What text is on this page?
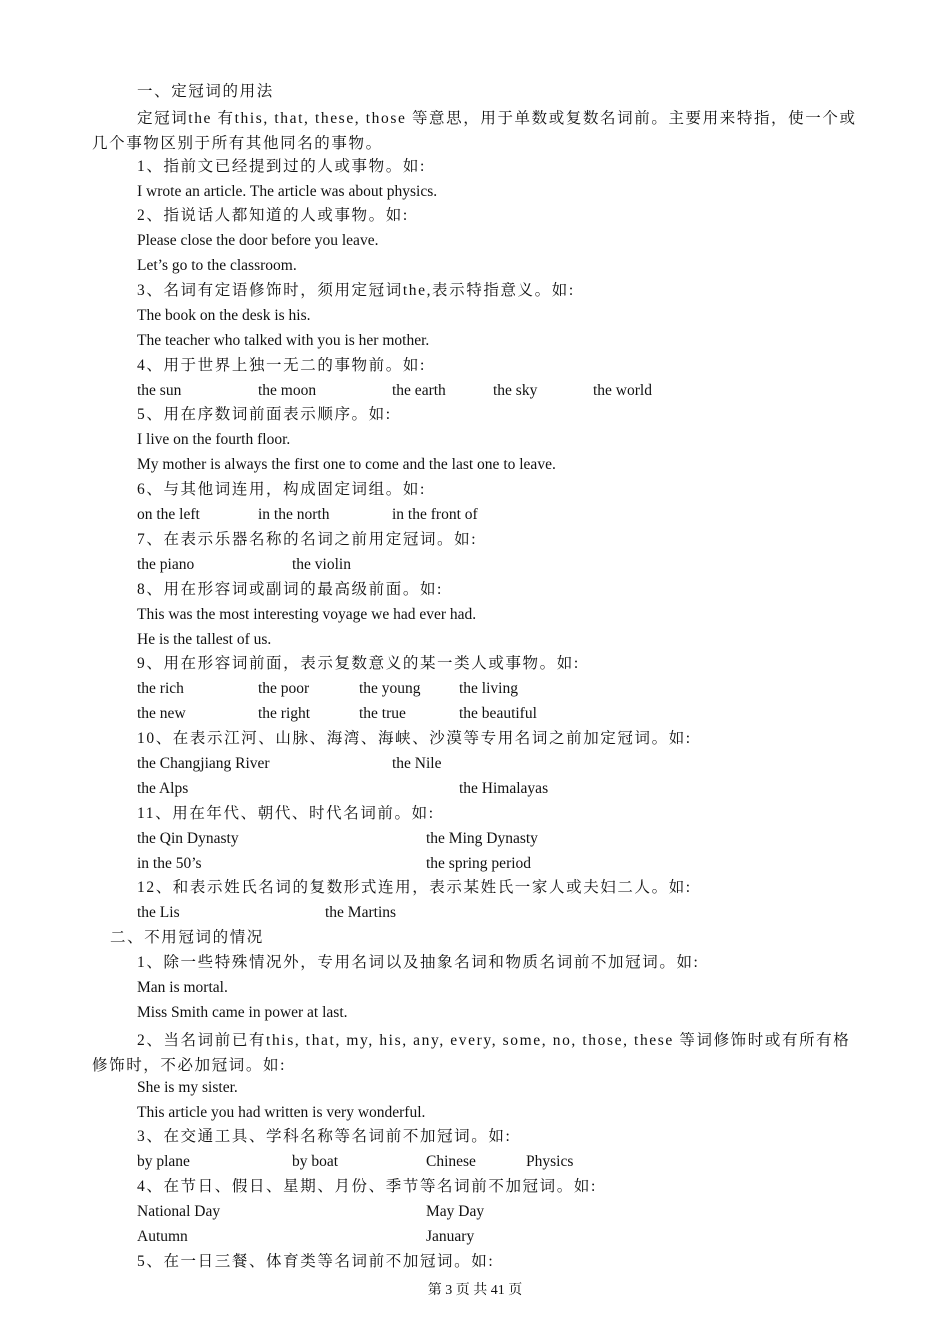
一、定冠词的用法
定冠词the 有this, that, these, those 等意思，用于单数或复数名词前。主要用来特指，使一个或几个事物区别于所有其他同名的事物。
1、指前文已经提到过的人或事物。如:
I wrote an article. The article was about physics.
2、指说话人都知道的人或事物。如:
Please close the door before you leave.
Let’s go to the classroom.
3、名词有定语修饰时，须用定冠词the,表示特指意义。如:
The book on the desk is his.
The teacher who talked with you is her mother.
4、用于世界上独一无二的事物前。如:
the sun	the moon	the earth	the sky	the world
5、用在序数词前面表示顺序。如:
I live on the fourth floor.
My mother is always the first one to come and the last one to leave.
6、与其他词连用，构成固定词组。如:
on the left	in the north	in the front of
7、在表示乐器名称的名词之前用定冠词。如:
the piano	the violin
8、用在形容词或副词的最高级前面。如:
This was the most interesting voyage we had ever had.
He is the tallest of us.
9、用在形容词前面，表示复数意义的某一类人或事物。如:
the rich	the poor	the young the living
the new	the right	the true	the beautiful
10、在表示江河、山脉、海湾、海峡、沙漠等专用名词之前加定冠词。如:
the Changjiang River	the Nile
the Alps	the Himalayas
11、用在年代、朝代、时代名词前。如:
the Qin Dynasty	the Ming Dynasty
in the 50’s	the spring period
12、和表示姓氏名词的复数形式连用，表示某姓氏一家人或夫妇二人。如:
the Lis	the Martins
二、不用冠词的情况
1、除一些特殊情况外，专用名词以及抽象名词和物质名词前不加冠词。如:
Man is mortal.
Miss Smith came in power at last.
2、当名词前已有this, that, my, his, any, every, some, no, those, these 等词修饰时或有所有格修饰时，不必加冠词。如:
She is my sister.
This article you had written is very wonderful.
3、在交通工具、学科名称等名词前不加冠词。如:
by plane	by boat	Chinese	Physics
4、在节日、假日、星期、月份、季节等名词前不加冠词。如:
National Day	May Day
Autumn	January
5、在一日三餐、体育类等名词前不加冠词。如:
第 3 页 共 41 页
